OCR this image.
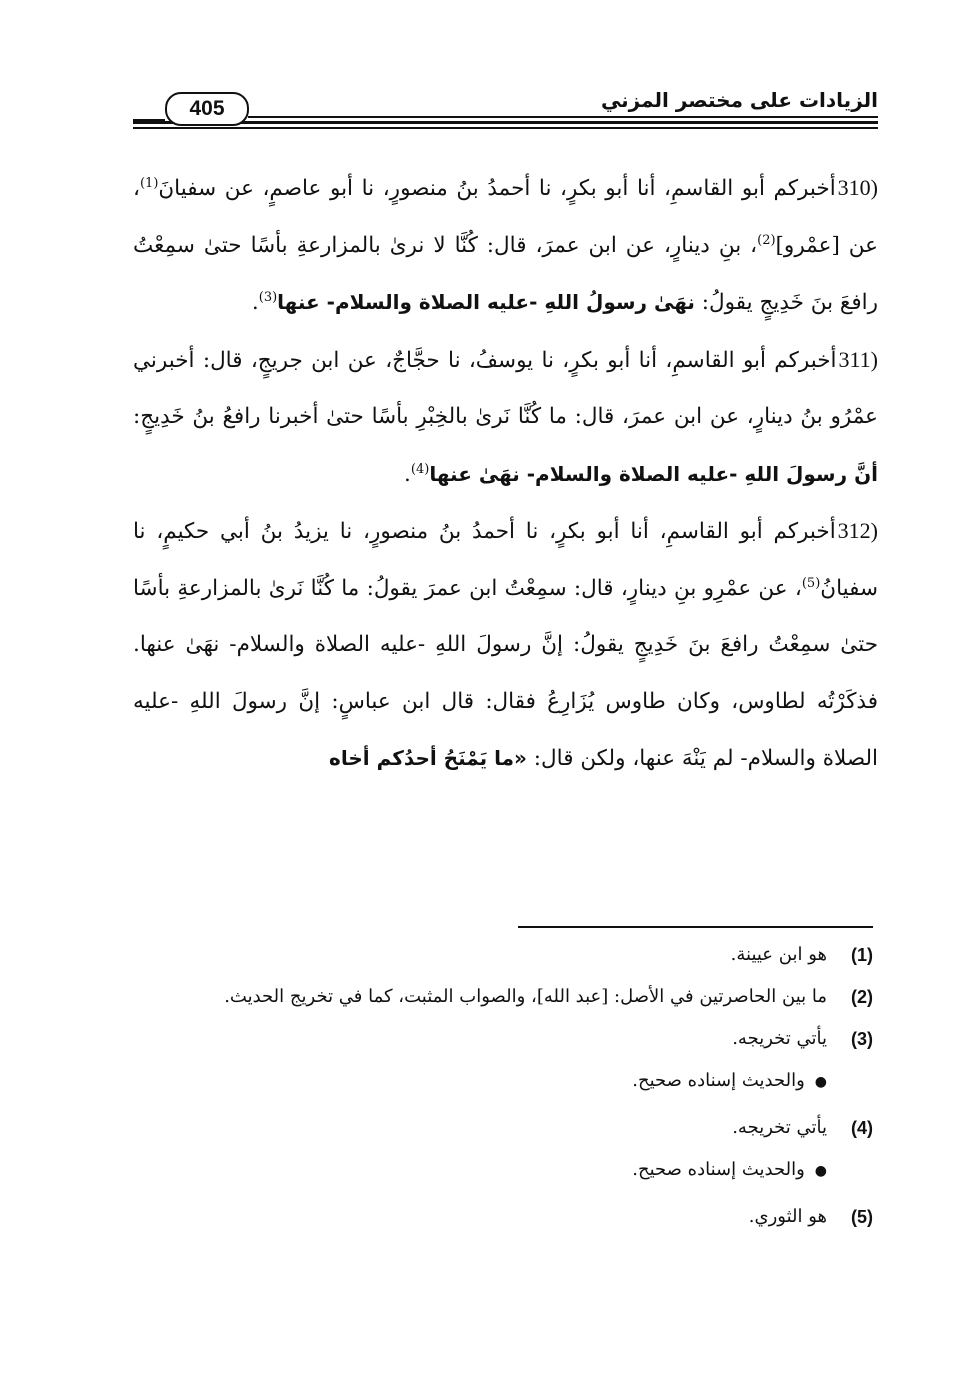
405	الزيادات على مختصر المزني

310)أخبركم أبو القاسمِ، أنا أبو بكرٍ، نا أحمدُ بنُ منصورٍ، نا أبو عاصمٍ، عن سفيانَ$^{(1)}$، عن [عمْرو]$^{(2)}$، بنِ دينارٍ، عن ابن عمرَ، قال: كُنَّا لا نرىٰ بالمزارعةِ بأسًا حتىٰ سمِعْتُ رافعَ بنَ خَدِيجٍ يقولُ: نهَىٰ رسولُ اللهِ -عليه الصلاة والسلام- عنها$^{(3)}$.

311)أخبركم أبو القاسمِ، أنا أبو بكرٍ، نا يوسفُ، نا حجَّاجٌ، عن ابن جريجٍ، قال: أخبرني عمْرُو بنُ دينارٍ، عن ابن عمرَ، قال: ما كُنَّا نَرىٰ بالخِبْرِ بأسًا حتىٰ أخبرنا رافعُ بنُ خَدِيجٍ: أنَّ رسولَ اللهِ -عليه الصلاة والسلام- نهَىٰ عنها$^{(4)}$.

312)أخبركم أبو القاسمِ، أنا أبو بكرٍ، نا أحمدُ بنُ منصورٍ، نا يزيدُ بنُ أبي حكيمٍ، نا سفيانُ$^{(5)}$، عن عمْرِو بنِ دينارٍ، قال: سمِعْتُ ابن عمرَ يقولُ: ما كُنَّا نَرىٰ بالمزارعةِ بأسًا حتىٰ سمِعْتُ رافعَ بنَ خَدِيجٍ يقولُ: إنَّ رسولَ اللهِ -عليه الصلاة والسلام- نهَىٰ عنها. فذكَرْتُه لطاوس، وكان طاوس يُزَارِعُ فقال: قال ابن عباسٍ: إنَّ رسولَ اللهِ -عليه الصلاة والسلام- لم يَنْهَ عنها، ولكن قال: «ما يَمْنَحُ أحدُكم أخاه

(1)
هو ابن عيينة.
(2)
ما بين الحاصرتين في الأصل: [عبد الله]، والصواب المثبت، كما في تخريج الحديث.
(3)
يأتي تخريجه.
●والحديث إسناده صحيح.
(4)
يأتي تخريجه.
●والحديث إسناده صحيح.
(5)
هو الثوري.
